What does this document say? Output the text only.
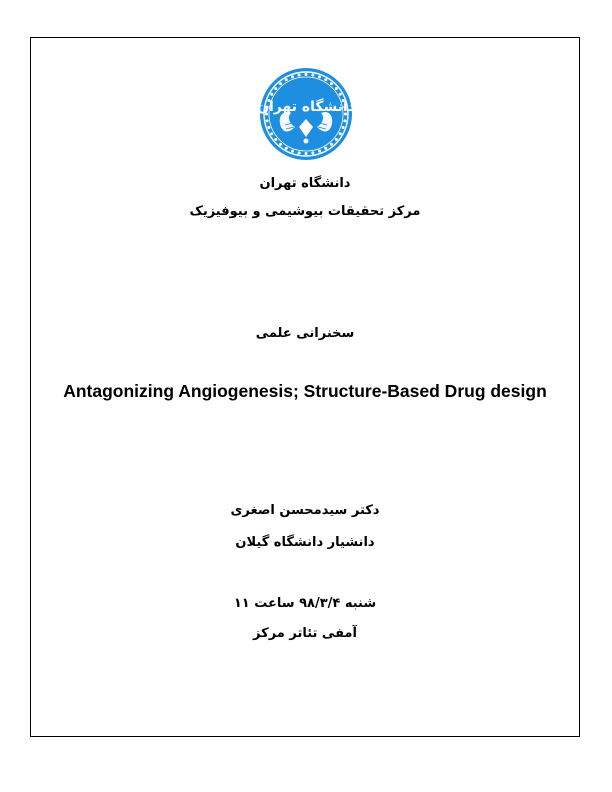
دانشگاه تهران
دانشگاه تهران
مرکز تحقیقات بیوشیمی و بیوفیزیک
سخنرانی علمی
Antagonizing Angiogenesis; Structure-Based Drug design
دکتر سیدمحسن اصغری
دانشیار دانشگاه گیلان
شنبه ۹۸/۳/۴ ساعت ۱۱
آمفی تئاتر مرکز
